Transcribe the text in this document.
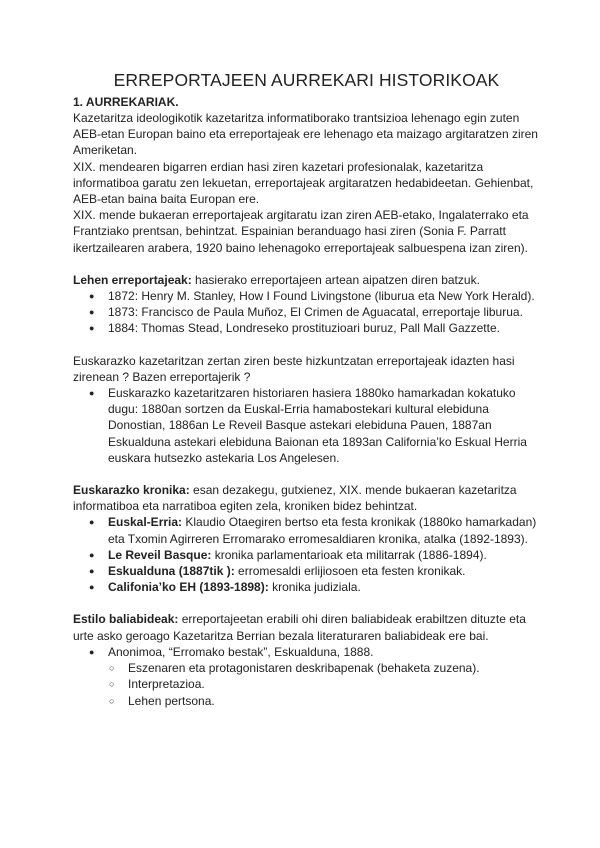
ERREPORTAJEEN AURREKARI HISTORIKOAK
1. AURREKARIAK.

Kazetaritza ideologikotik kazetaritza informatiborako trantsizioa lehenago egin zuten AEB-etan Europan baino eta erreportajeak ere lehenago eta maizago argitaratzen ziren Ameriketan.

XIX. mendearen bigarren erdian hasi ziren kazetari profesionalak, kazetaritza informatiboa garatu zen lekuetan, erreportajeak argitaratzen hedabideetan. Gehienbat, AEB-etan baina baita Europan ere.

XIX. mende bukaeran erreportajeak argitaratu izan ziren AEB-etako, Ingalaterrako eta Frantziako prentsan, behintzat. Espainian beranduago hasi ziren (Sonia F. Parratt ikertzailearen arabera, 1920 baino lehenagoko erreportajeak salbuespena izan ziren).

Lehen erreportajeak: hasierako erreportajeen artean aipatzen diren batzuk.

● 1872: Henry M. Stanley, How I Found Livingstone (liburua eta New York Herald).
● 1873: Francisco de Paula Muñoz, El Crimen de Aguacatal, erreportaje liburua.
● 1884: Thomas Stead, Londreseko prostituzioari buruz, Pall Mall Gazzette.

Euskarazko kazetaritzan zertan ziren beste hizkuntzatan erreportajeak idazten hasi zirenean ? Bazen erreportajerik ?

● Euskarazko kazetaritzaren historiaren hasiera 1880ko hamarkadan kokatuko dugu: 1880an sortzen da Euskal-Erria hamabostekari kultural elebiduna Donostian, 1886an Le Reveil Basque astekari elebiduna Pauen, 1887an Eskualduna astekari elebiduna Baionan eta 1893an California’ko Eskual Herria euskara hutsezko astekaria Los Angelesen.

Euskarazko kronika: esan dezakegu, gutxienez, XIX. mende bukaeran kazetaritza informatiboa eta narratiboa egiten zela, kroniken bidez behintzat.

● Euskal-Erria: Klaudio Otaegiren bertso eta festa kronikak (1880ko hamarkadan) eta Txomin Agirreren Erromarako erromesaldiaren kronika, atalka (1892-1893).
● Le Reveil Basque: kronika parlamentarioak eta militarrak (1886-1894).
● Eskualduna (1887tik ): erromesaldi erlijiosoen eta festen kronikak.
● Califonia’ko EH (1893-1898): kronika judiziala.

Estilo baliabideak: erreportajeetan erabili ohi diren baliabideak erabiltzen dituzte eta urte asko geroago Kazetaritza Berrian bezala literaturaren baliabideak ere bai.

● Anonimoa, “Erromako bestak”, Eskualduna, 1888.
○ Eszenaren eta protagonistaren deskribapenak (behaketa zuzena).
○ Interpretazioa.
○ Lehen pertsona.
